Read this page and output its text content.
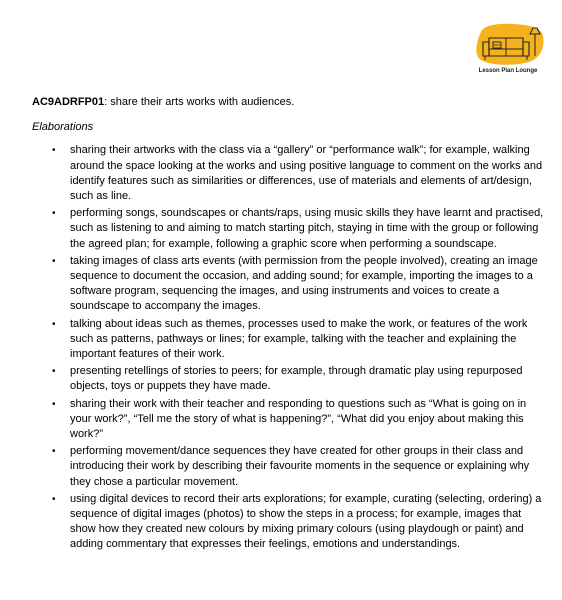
Lesson Plan Lounge

AC9ADRFP01: share their arts works with audiences.

Elaborations

• sharing their artworks with the class via a “gallery” or “performance walk”; for example, walking around the space looking at the works and using positive language to comment on the works and identify features such as similarities or differences, use of materials and elements of art/design, such as line.
• performing songs, soundscapes or chants/raps, using music skills they have learnt and practised, such as listening to and aiming to match starting pitch, staying in time with the group or following the agreed plan; for example, following a graphic score when performing a soundscape.
• taking images of class arts events (with permission from the people involved), creating an image sequence to document the occasion, and adding sound; for example, importing the images to a software program, sequencing the images, and using instruments and voices to create a soundscape to accompany the images.
• talking about ideas such as themes, processes used to make the work, or features of the work such as patterns, pathways or lines; for example, talking with the teacher and explaining the important features of their work.
• presenting retellings of stories to peers; for example, through dramatic play using repurposed objects, toys or puppets they have made.
• sharing their work with their teacher and responding to questions such as “What is going on in your work?”, “Tell me the story of what is happening?”, “What did you enjoy about making this work?”
• performing movement/dance sequences they have created for other groups in their class and introducing their work by describing their favourite moments in the sequence or explaining why they chose a particular movement.
• using digital devices to record their arts explorations; for example, curating (selecting, ordering) a sequence of digital images (photos) to show the steps in a process; for example, images that show how they created new colours by mixing primary colours (using playdough or paint) and adding commentary that expresses their feelings, emotions and understandings.
